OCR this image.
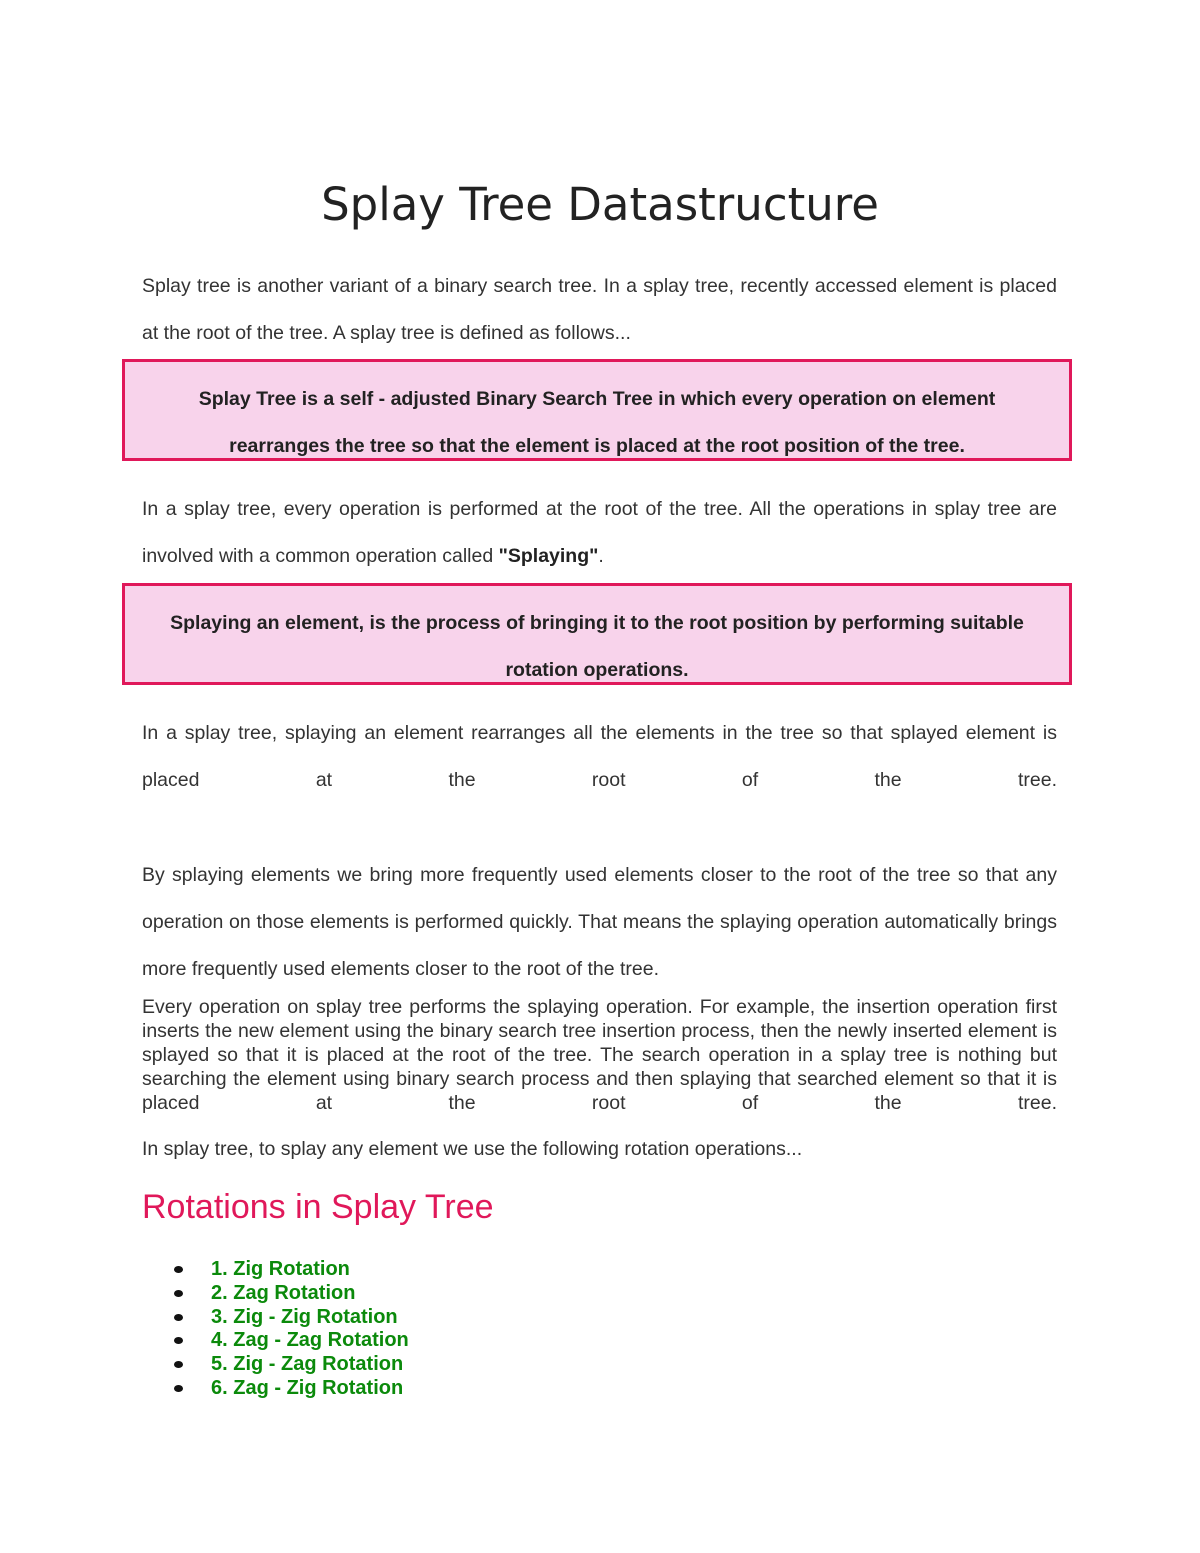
Splay Tree Datastructure

Splay tree is another variant of a binary search tree. In a splay tree, recently accessed element is placed at the root of the tree. A splay tree is defined as follows...

Splay Tree is a self - adjusted Binary Search Tree in which every operation on element rearranges the tree so that the element is placed at the root position of the tree.

In a splay tree, every operation is performed at the root of the tree. All the operations in splay tree are involved with a common operation called "Splaying".

Splaying an element, is the process of bringing it to the root position by performing suitable rotation operations.

In a splay tree, splaying an element rearranges all the elements in the tree so that splayed element is placed at the root of the tree.

By splaying elements we bring more frequently used elements closer to the root of the tree so that any operation on those elements is performed quickly. That means the splaying operation automatically brings more frequently used elements closer to the root of the tree.

Every operation on splay tree performs the splaying operation. For example, the insertion operation first inserts the new element using the binary search tree insertion process, then the newly inserted element is splayed so that it is placed at the root of the tree. The search operation in a splay tree is nothing but searching the element using binary search process and then splaying that searched element so that it is placed at the root of the tree.

In splay tree, to splay any element we use the following rotation operations...

Rotations in Splay Tree
1. Zig Rotation
2. Zag Rotation
3. Zig - Zig Rotation
4. Zag - Zag Rotation
5. Zig - Zag Rotation
6. Zag - Zig Rotation
